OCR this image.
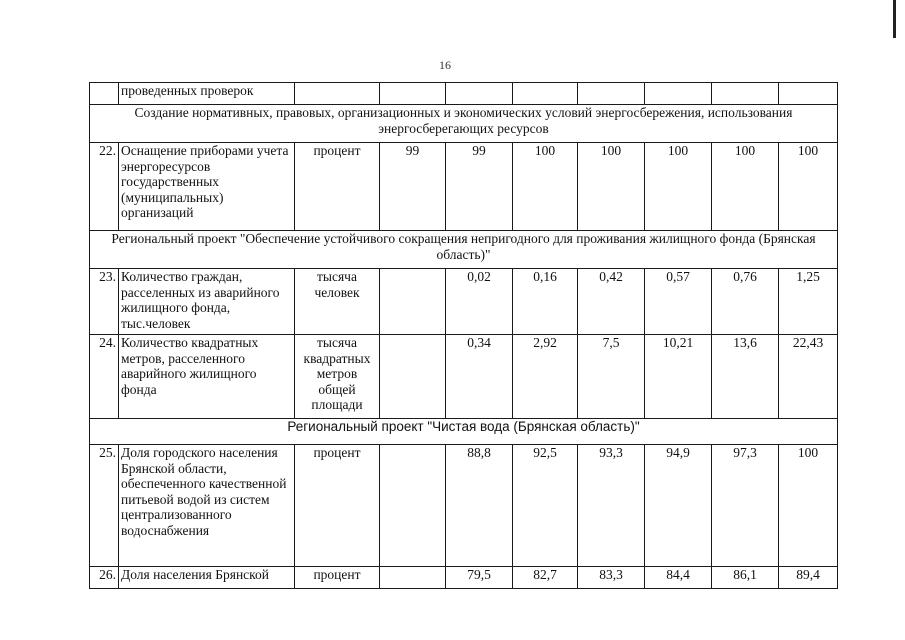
16
	проведенных проверок								
Создание нормативных, правовых, организационных и экономических условий энергосбережения, использования энергосберегающих ресурсов									
22.	Оснащение приборами учета энергоресурсов государственных (муниципальных) организаций	процент	99	99	100	100	100	100	100
Региональный проект "Обеспечение устойчивого сокращения непригодного для проживания жилищного фонда (Брянская область)"									
23.	Количество граждан, расселенных из аварийного жилищного фонда, тыс.человек	тысяча человек		0,02	0,16	0,42	0,57	0,76	1,25
24.	Количество квадратных метров, расселенного аварийного жилищного фонда	тысяча квадратных метров общей площади		0,34	2,92	7,5	10,21	13,6	22,43
Региональный проект "Чистая вода (Брянская область)"									
25.	Доля городского населения Брянской области, обеспеченного качественной питьевой водой из систем централизованного водоснабжения	процент		88,8	92,5	93,3	94,9	97,3	100
26.	Доля населения Брянской	процент		79,5	82,7	83,3	84,4	86,1	89,4
